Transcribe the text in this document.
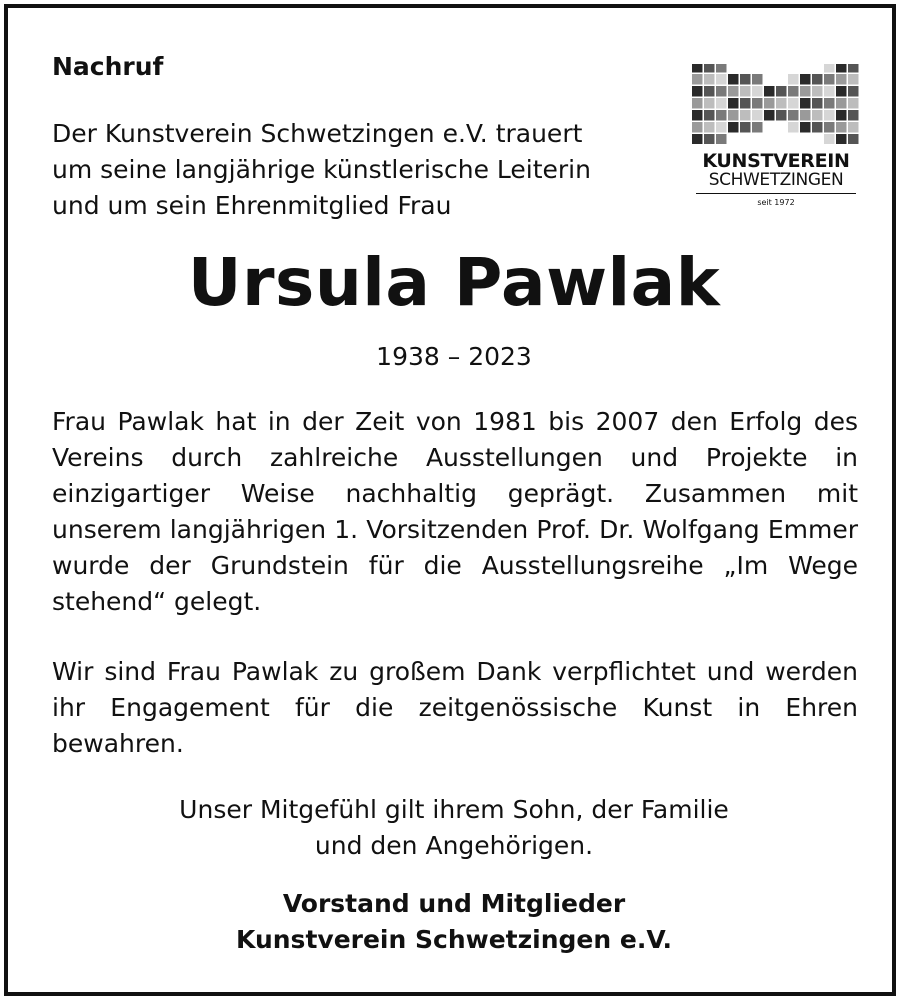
Nachruf
Der Kunstverein Schwetzingen e.V. trauert
um seine langjährige künstlerische Leiterin
und um sein Ehrenmitglied Frau
KUNSTVEREIN
SCHWETZINGEN
seit 1972
Ursula Pawlak
1938 – 2023
Frau Pawlak hat in der Zeit von 1981 bis 2007 den Erfolg des Vereins durch zahlreiche Ausstellungen und Projekte in einzigartiger Weise nachhaltig geprägt. Zusammen mit unserem langjährigen 1. Vorsitzenden Prof. Dr. Wolfgang Emmer wurde der Grundstein für die Ausstellungsreihe „Im Wege stehend“ gelegt.
Wir sind Frau Pawlak zu großem Dank verpflichtet und werden ihr Engagement für die zeitgenössische Kunst in Ehren bewahren.
Unser Mitgefühl gilt ihrem Sohn, der Familie
und den Angehörigen.
Vorstand und Mitglieder
Kunstverein Schwetzingen e.V.
